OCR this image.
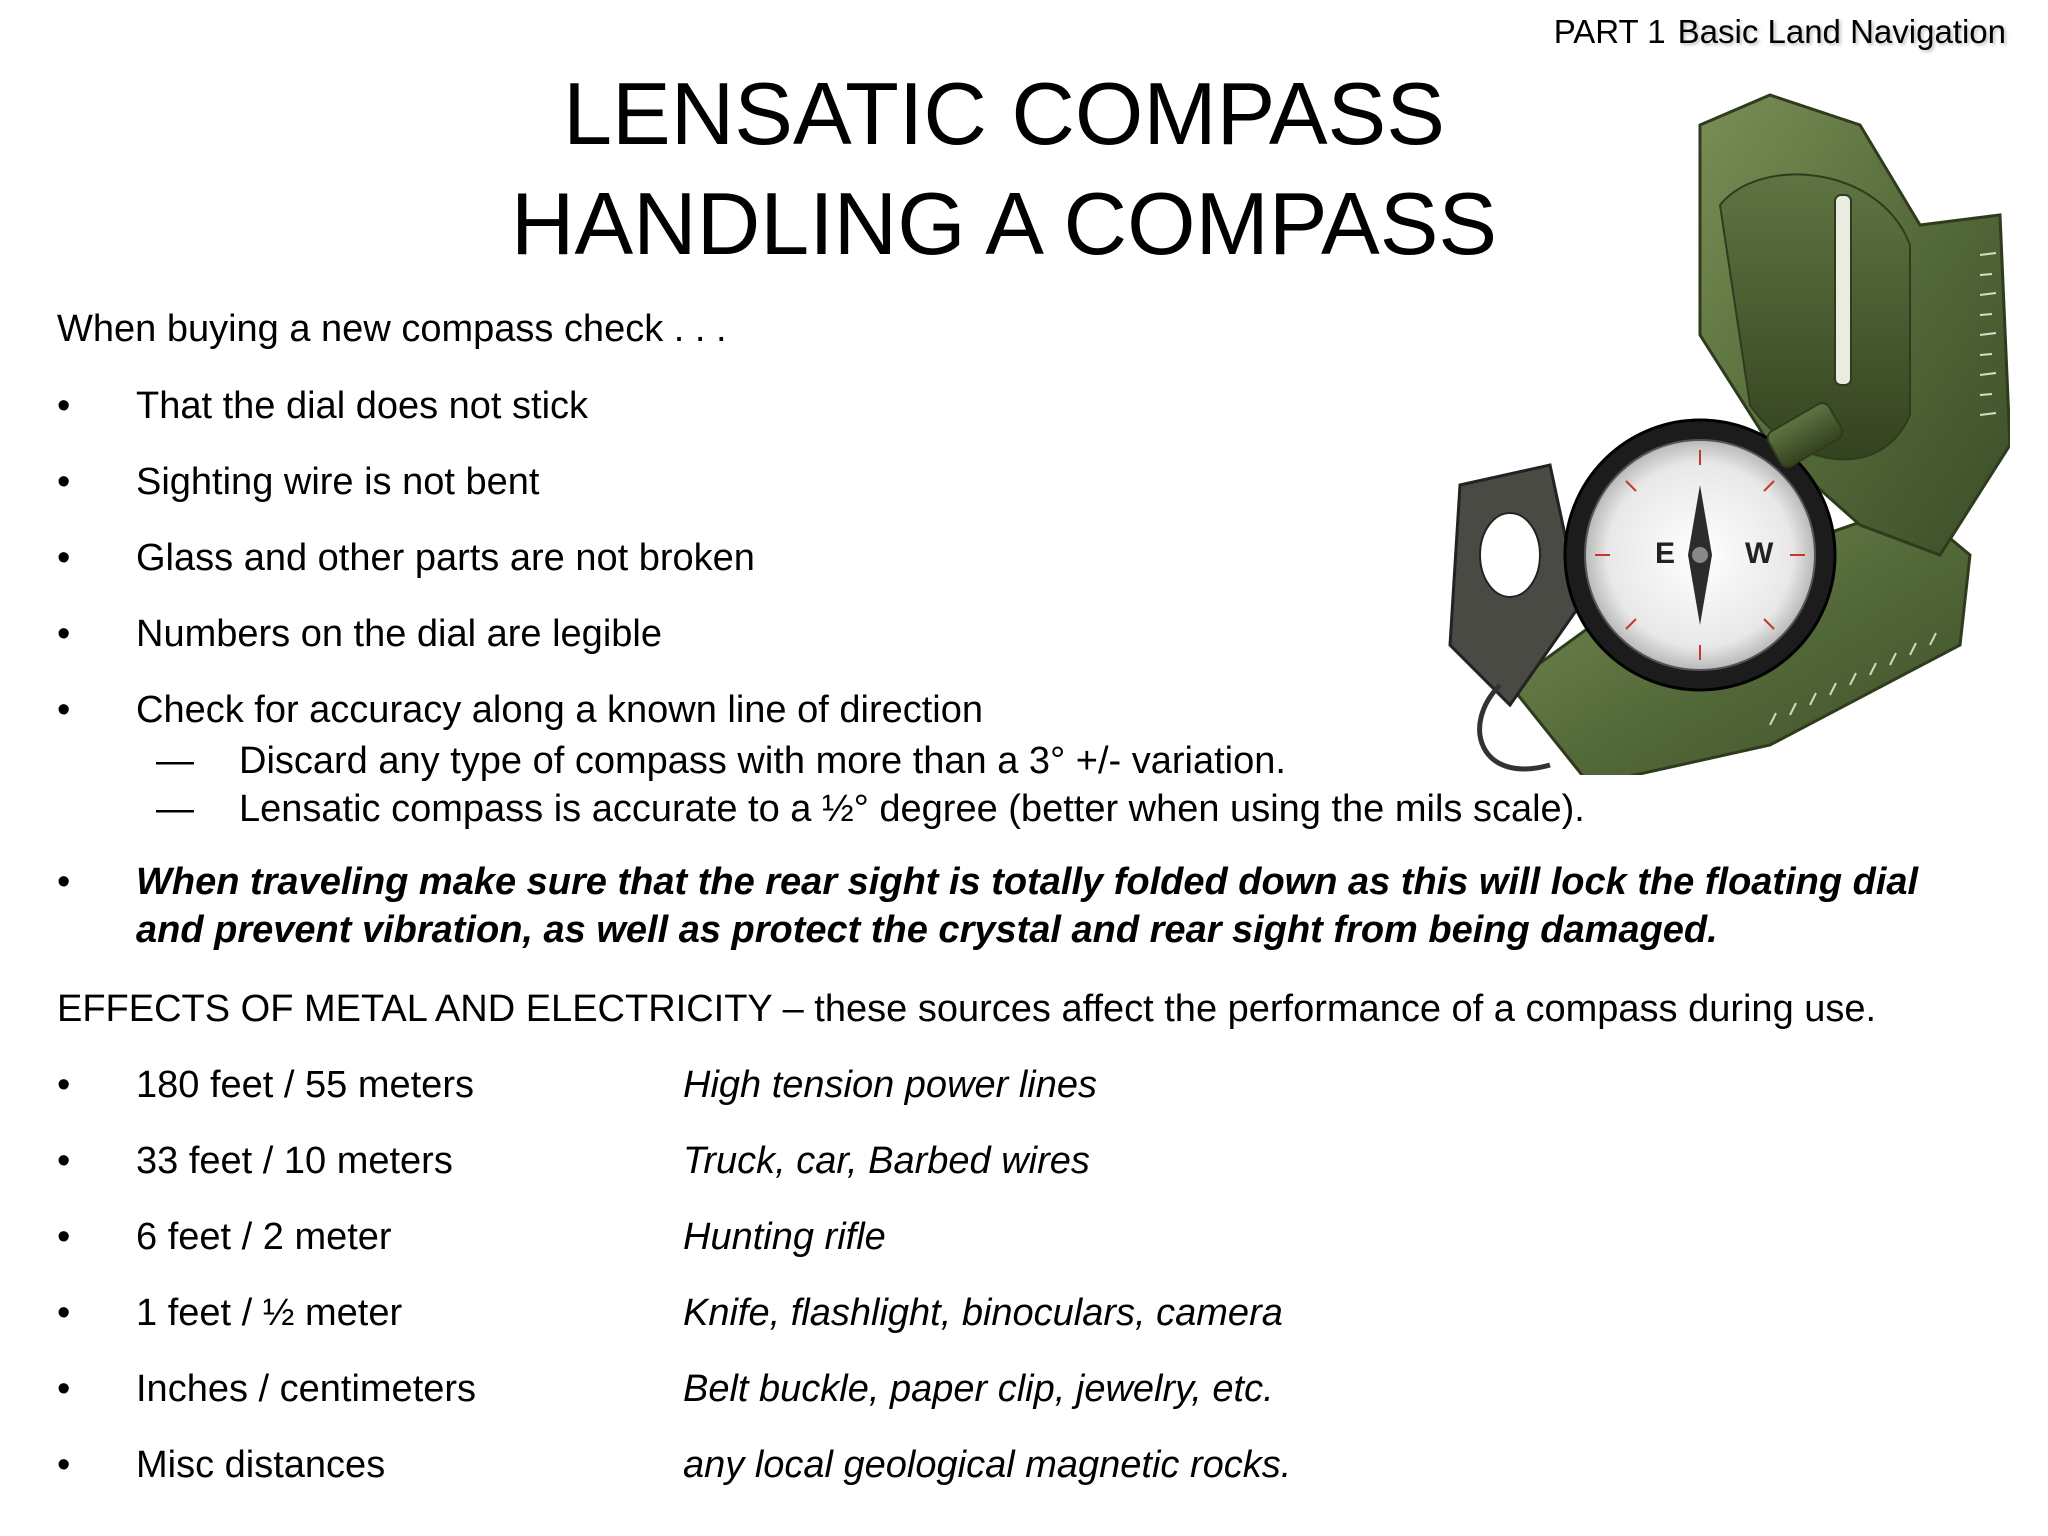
PART 1 Basic Land Navigation
LENSATIC COMPASS
HANDLING A COMPASS
When buying a new compass check . . .
• That the dial does not stick
• Sighting wire is not bent
• Glass and other parts are not broken
• Numbers on the dial are legible
• Check for accuracy along a known line of direction
— Discard any type of compass with more than a 3° +/- variation.
— Lensatic compass is accurate to a ½° degree (better when using the mils scale).
• When traveling make sure that the rear sight is totally folded down as this will lock the floating dial and prevent vibration, as well as protect the crystal and rear sight from being damaged.
EFFECTS OF METAL AND ELECTRICITY – these sources affect the performance of a compass during use.
• 180 feet / 55 meters	High tension power lines
• 33 feet / 10 meters	Truck, car, Barbed wires
• 6 feet / 2 meter	Hunting rifle
• 1 feet / ½ meter	Knife, flashlight, binoculars, camera
• Inches / centimeters	Belt buckle, paper clip, jewelry, etc.
• Misc distances	any local geological magnetic rocks.
E W
